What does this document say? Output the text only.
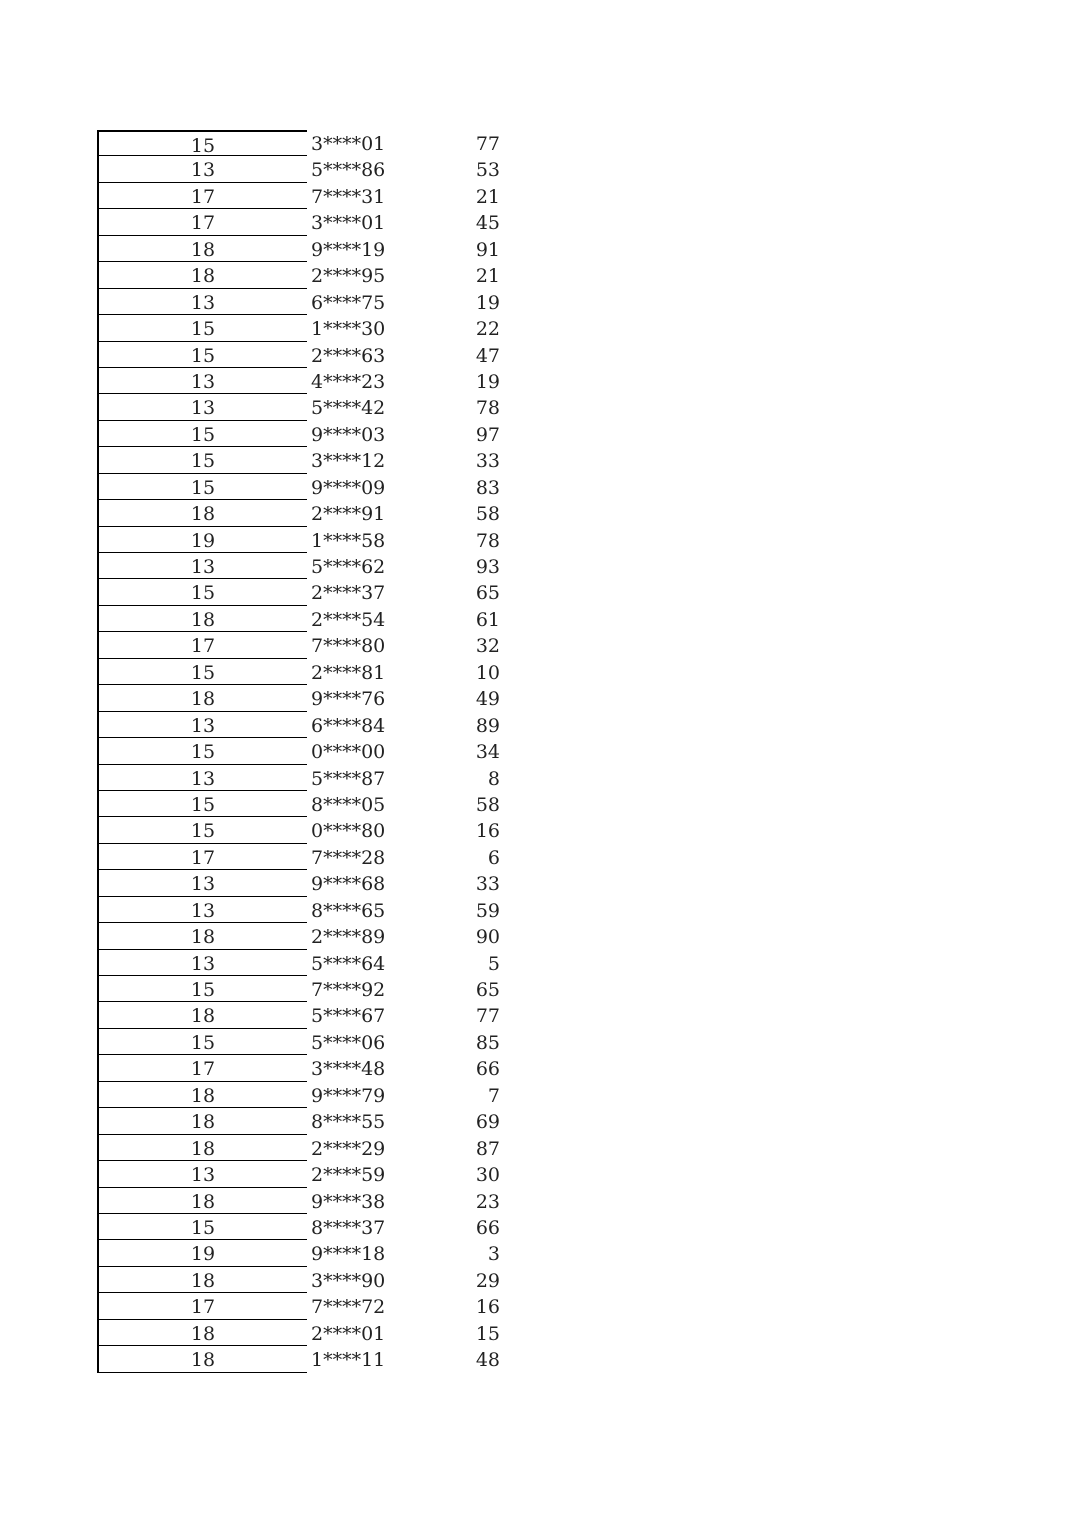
15	3****01	77
13	5****86	53
17	7****31	21
17	3****01	45
18	9****19	91
18	2****95	21
13	6****75	19
15	1****30	22
15	2****63	47
13	4****23	19
13	5****42	78
15	9****03	97
15	3****12	33
15	9****09	83
18	2****91	58
19	1****58	78
13	5****62	93
15	2****37	65
18	2****54	61
17	7****80	32
15	2****81	10
18	9****76	49
13	6****84	89
15	0****00	34
13	5****87	8
15	8****05	58
15	0****80	16
17	7****28	6
13	9****68	33
13	8****65	59
18	2****89	90
13	5****64	5
15	7****92	65
18	5****67	77
15	5****06	85
17	3****48	66
18	9****79	7
18	8****55	69
18	2****29	87
13	2****59	30
18	9****38	23
15	8****37	66
19	9****18	3
18	3****90	29
17	7****72	16
18	2****01	15
18	1****11	48
